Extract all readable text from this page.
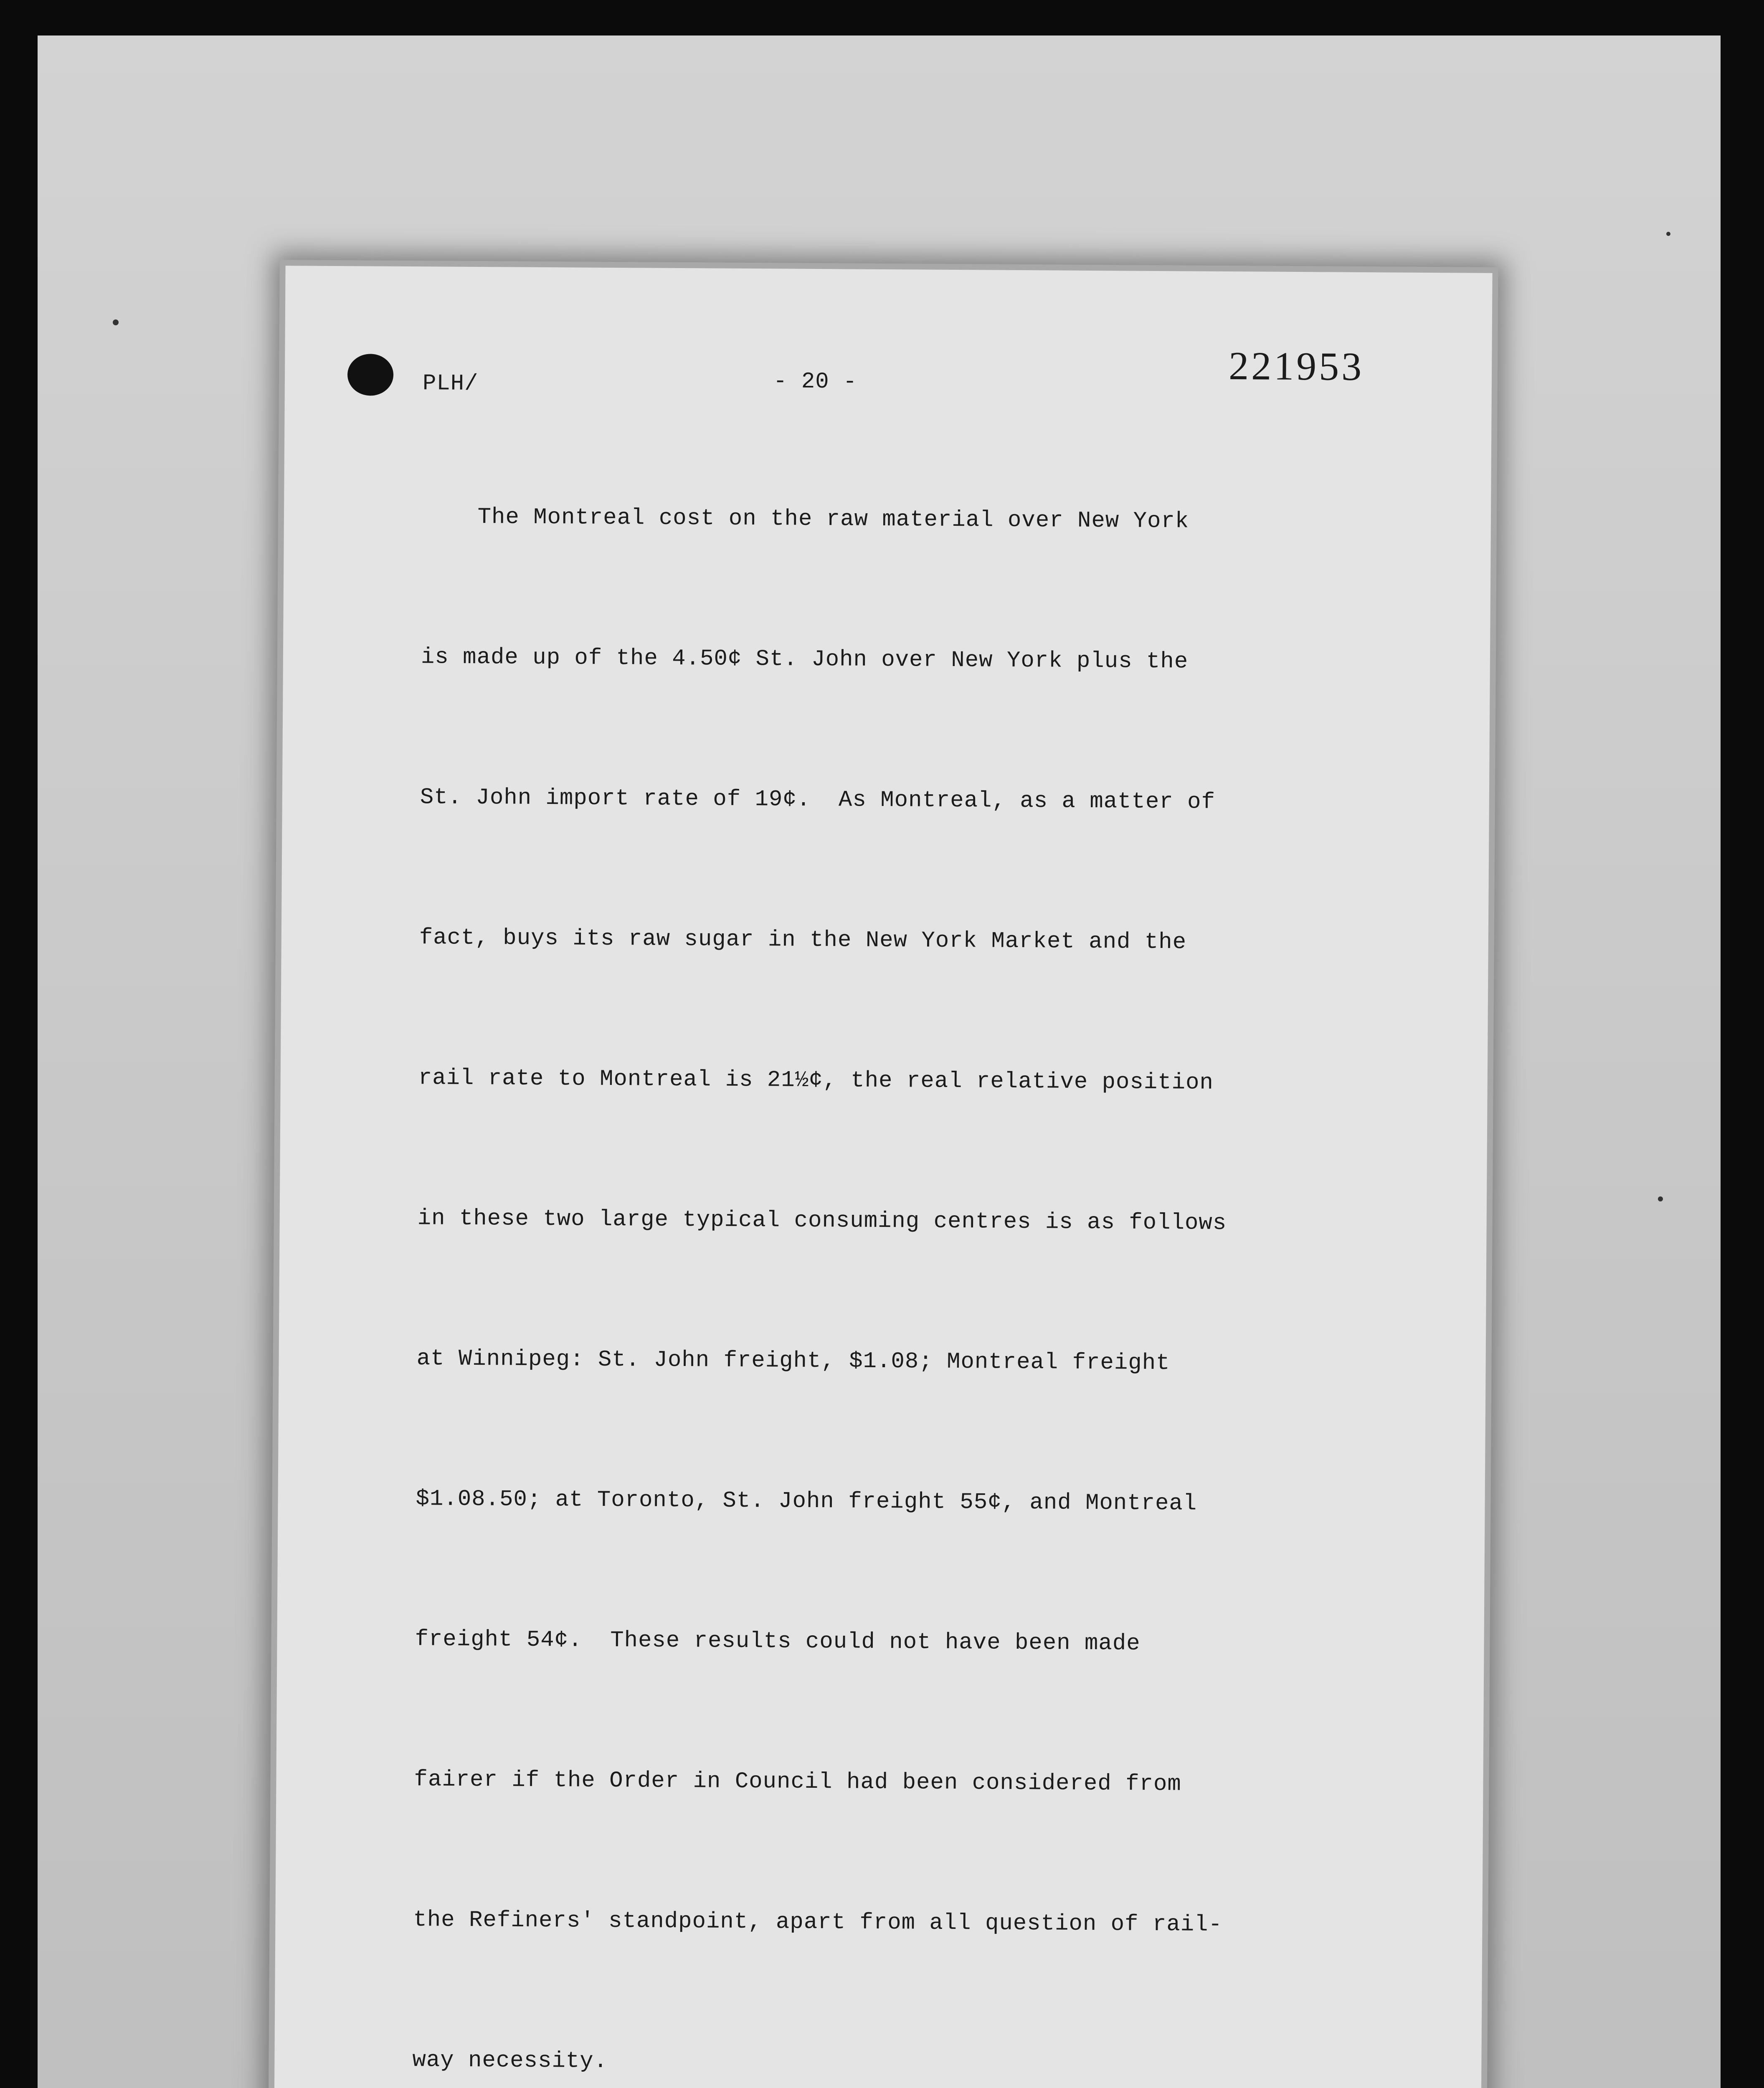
PLH/	- 20 -	221953

The Montreal cost on the raw material over New York

is made up of the 4.50¢ St. John over New York plus the

St. John import rate of 19¢.  As Montreal, as a matter of

fact, buys its raw sugar in the New York Market and the

rail rate to Montreal is 21½¢, the real relative position

in these two large typical consuming centres is as follows

at Winnipeg: St. John freight, $1.08; Montreal freight

$1.08.50; at Toronto, St. John freight 55¢, and Montreal

freight 54¢.  These results could not have been made

fairer if the Order in Council had been considered from

the Refiners' standpoint, apart from all question of rail-

way necessity.
